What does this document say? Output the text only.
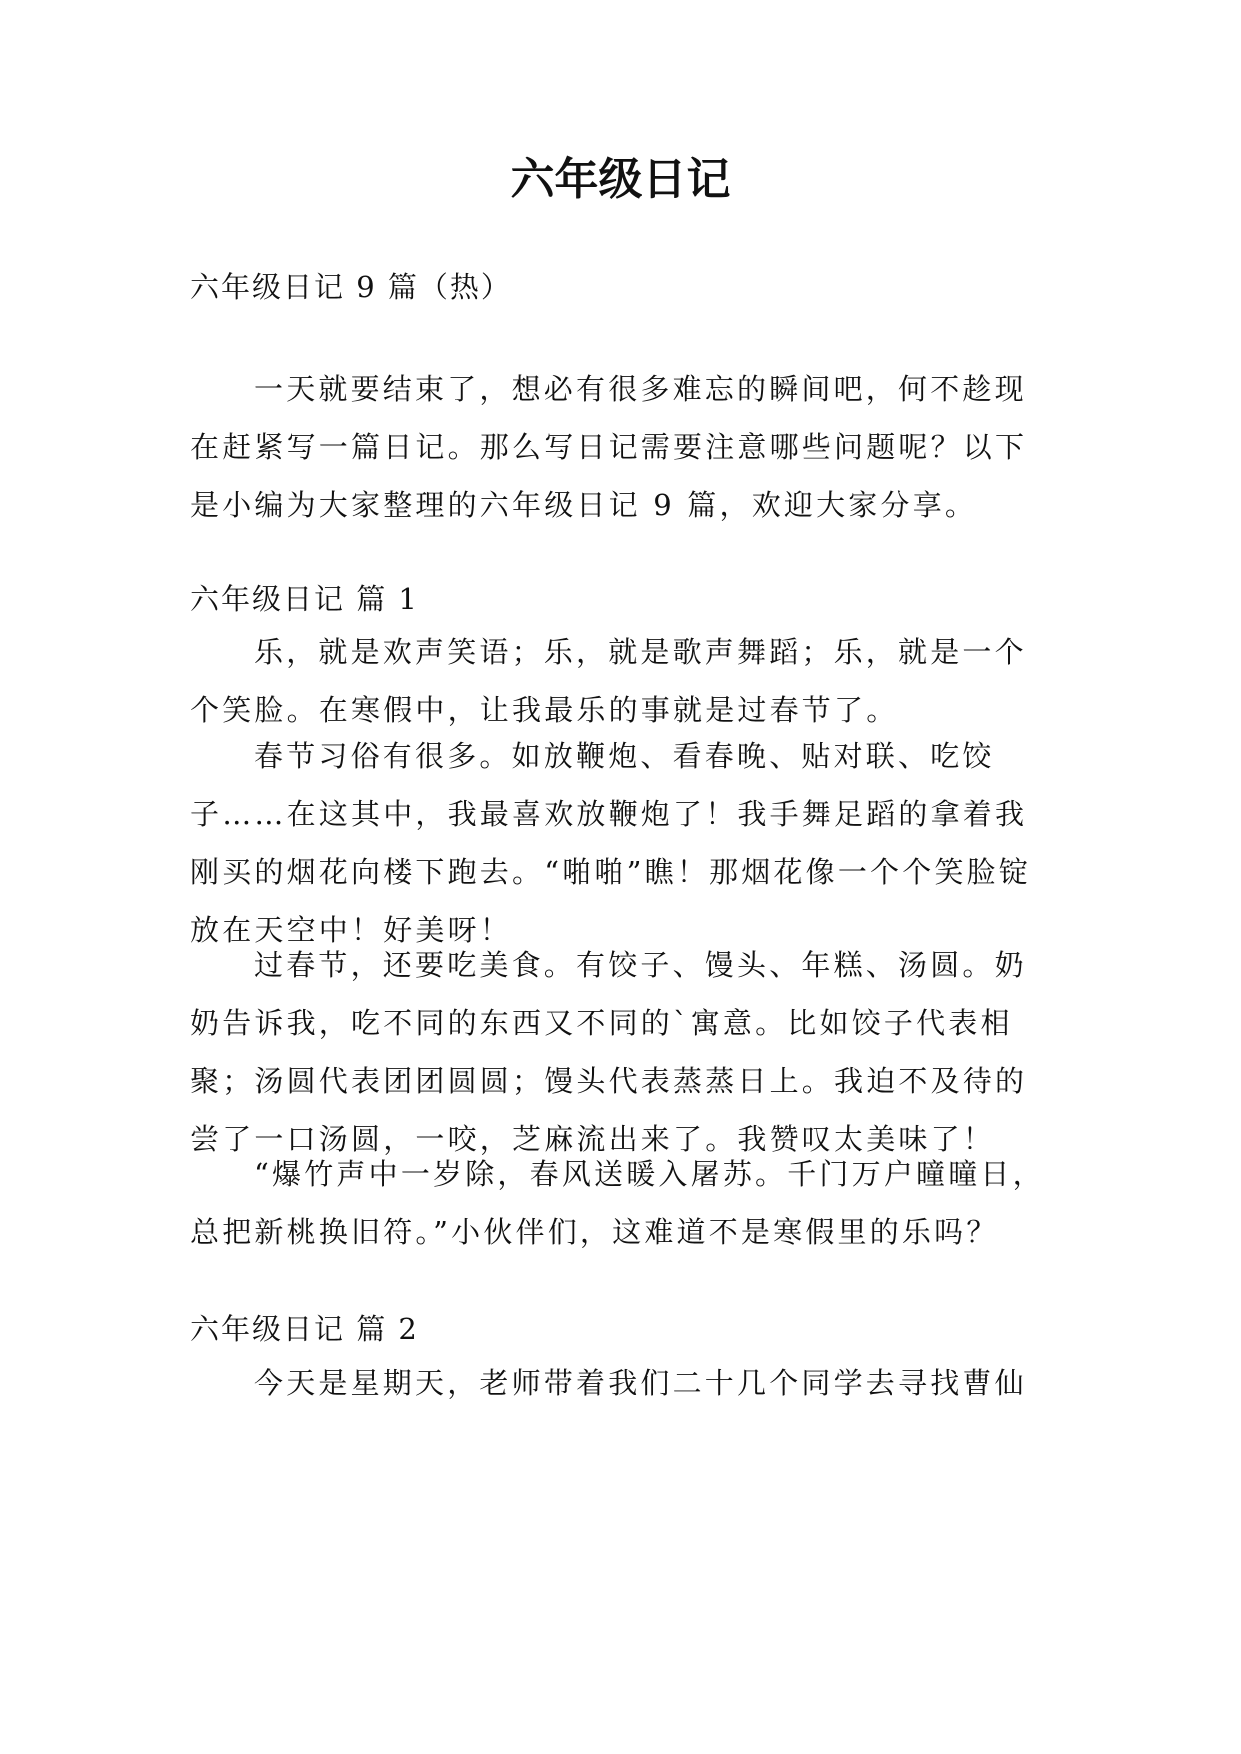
六年级日记

六年级日记 9 篇（热）

一天就要结束了，想必有很多难忘的瞬间吧，何不趁现在赶紧写一篇日记。那么写日记需要注意哪些问题呢？以下是小编为大家整理的六年级日记 9 篇，欢迎大家分享。

六年级日记 篇 1

乐，就是欢声笑语；乐，就是歌声舞蹈；乐，就是一个个笑脸。在寒假中，让我最乐的事就是过春节了。

春节习俗有很多。如放鞭炮、看春晚、贴对联、吃饺子……在这其中，我最喜欢放鞭炮了！我手舞足蹈的拿着我刚买的烟花向楼下跑去。“啪啪”瞧！那烟花像一个个笑脸锭放在天空中！好美呀！

过春节，还要吃美食。有饺子、馒头、年糕、汤圆。奶奶告诉我，吃不同的东西又不同的`寓意。比如饺子代表相聚；汤圆代表团团圆圆；馒头代表蒸蒸日上。我迫不及待的尝了一口汤圆，一咬，芝麻流出来了。我赞叹太美味了！

“爆竹声中一岁除，春风送暖入屠苏。千门万户曈曈日，总把新桃换旧符。”小伙伴们，这难道不是寒假里的乐吗？

六年级日记 篇 2

今天是星期天，老师带着我们二十几个同学去寻找曹仙
